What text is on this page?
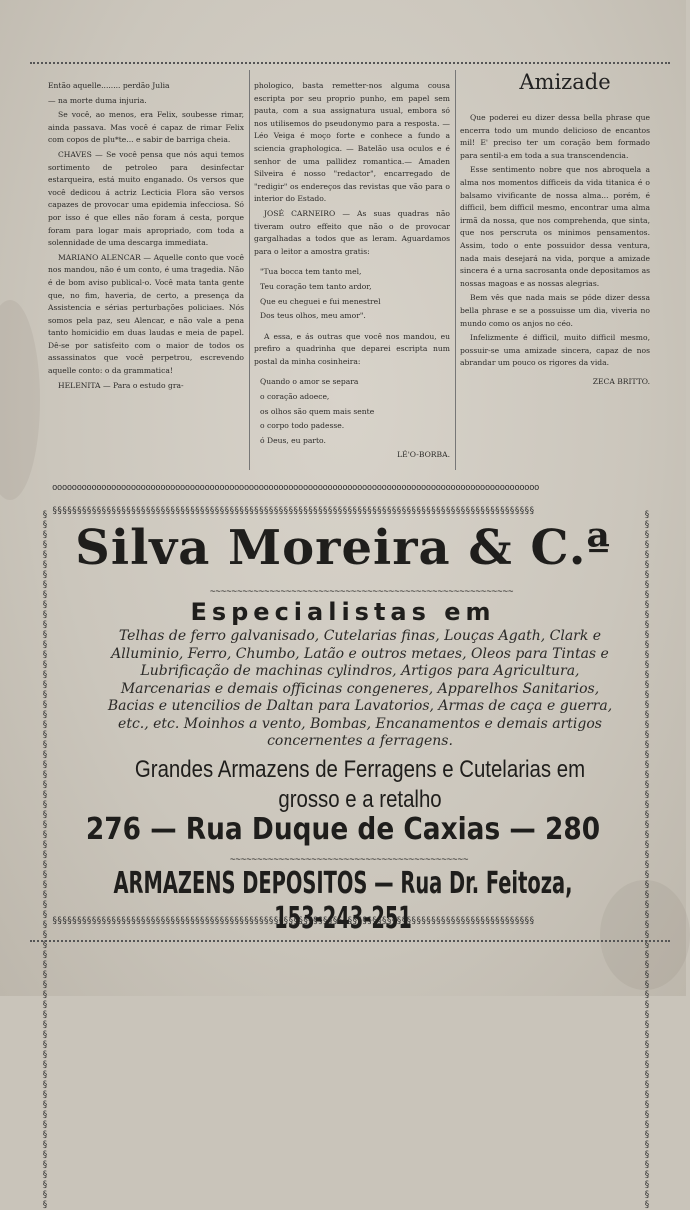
Então aquelle........ perdão Julia

— na morte duma injuria.

Se você, ao menos, era Felix, soubesse rimar, ainda passava. Mas você é capaz de rimar Felix com copos de plu*te... e sabir de barriga cheia.

CHAVES — Se você pensa que nós aqui temos sortimento de petroleo para desinfectar estarqueira, está muito enganado. Os versos que você dedicou á actriz Lecticia Flora são versos capazes de provocar uma epidemia infecciosa. Só por isso é que elles não foram á cesta, porque foram para logar mais apropriado, com toda a solennidade de uma descarga immediata.

MARIANO ALENCAR — Aquelle conto que você nos mandou, não é um conto, é uma tragedia. Não é de bom aviso publical-o. Você mata tanta gente que, no fim, haveria, de certo, a presença da Assistencia e sérias perturbações policiaes. Nós somos pela paz, seu Alencar, e não vale a pena tanto homicidio em duas laudas e meia de papel. Dê-se por satisfeito com o maior de todos os assassinatos que você perpetrou, escrevendo aquelle conto: o da grammatica!

HELENITA — Para o estudo gra-

phologico, basta remetter-nos alguma cousa escripta por seu proprio punho, em papel sem pauta, com a sua assignatura usual, embora só nos utilisemos do pseudonymo para a resposta. —Léo Veiga é moço forte e conhece a fundo a sciencia graphologica. — Batelão usa oculos e é senhor de uma pallidez romantica.— Amaden Silveira é nosso "redactor", encarregado de "redigir" os endereços das revistas que vão para o interior do Estado.

JOSÉ CARNEIRO — As suas quadras não tiveram outro effeito que não o de provocar gargalhadas a todos que as leram. Aguardamos para o leitor a amostra gratis:

"Tua bocca tem tanto mel,

Teu coração tem tanto ardor,

Que eu cheguei e fui menestrel

Dos teus olhos, meu amor".

A essa, e ás outras que você nos mandou, eu prefiro a quadrinha que deparei escripta num postal da minha cosinheira:

Quando o amor se separa

o coração adoece,

os olhos são quem mais sente

o corpo todo padesse.

ó Deus, eu parto.

LÉ'O-BORBA.

Amizade

Que poderei eu dizer dessa bella phrase que encerra todo um mundo delicioso de encantos mil! E' preciso ter um coração bem formado para sentil-a em toda a sua transcendencia.

Esse sentimento nobre que nos abroquela a alma nos momentos difficeis da vida titanica é o balsamo vivificante de nossa alma... porém, é difficil, bem difficil mesmo, encontrar uma alma irmã da nossa, que nos comprehenda, que sinta, que nos perscruta os minimos pensamentos. Assim, todo o ente possuidor dessa ventura, nada mais desejará na vida, porque a amizade sincera é a urna sacrosanta onde depositamos as nossas magoas e as nossas alegrias.

Bem vês que nada mais se póde dizer dessa bella phrase e se a possuisse um dia, viveria no mundo como os anjos no céo.

Infelizmente é difficil, muito difficil mesmo, possuir-se uma amizade sincera, capaz de nos abrandar um pouco os rigores da vida.

ZECA BRITTO.

ooooooooooooooooooooooooooooooooooooooooooooooooooooooooooooooooooooooooooooooooooooooooooooooooooo
§§§§§§§§§§§§§§§§§§§§§§§§§§§§§§§§§§§§§§§§§§§§§§§§§§§§§§§§§§§§§§§§§§§§§§§§§§§§§§§§§§§§§§§§§§§§§§§§§§
§§§§§§§§§§§§§§§§§§§§§§§§§§§§§§§§§§§§§§§§§§§§§§§§§§§§§§§§§§§§§§§§§§§§§§	§§§§§§§§§§§§§§§§§§§§§§§§§§§§§§§§§§§§§§§§§§§§§§§§§§§§§§§§§§§§§§§§§§§§§§
§§§§§§§§§§§§§§§§§§§§§§§§§§§§§§§§§§§§§§§§§§§§§§§§§§§§§§§§§§§§§§§§§§§§§§§§§§§§§§§§§§§§§§§§§§§§§§§§§§
Silva Moreira & C.ª
~~~~~~~~~~~~~~~~~~~~~~~~~~~~~~~~~~~~~~~~~~~~~~~~~~~~~~~~
Especialistas em
Telhas de ferro galvanisado, Cutelarias finas, Louças Agath, Clark e Alluminio, Ferro, Chumbo, Latão e outros metaes, Oleos para Tintas e Lubrificação de machinas cylindros, Artigos para Agricultura, Marcenarias e demais officinas congeneres, Apparelhos Sanitarios, Bacias e utencilios de Daltan para Lavatorios, Armas de caça e guerra, etc., etc. Moinhos a vento, Bombas, Encanamentos e demais artigos concernentes a ferragens.
Grandes Armazens de Ferragens e Cutelarias em
grosso e a retalho
276 — Rua Duque de Caxias — 280
~~~~~~~~~~~~~~~~~~~~~~~~~~~~~~~~~~~~~~~~~~~~
ARMAZENS DEPOSITOS — Rua Dr. Feitoza, 153-243-251
